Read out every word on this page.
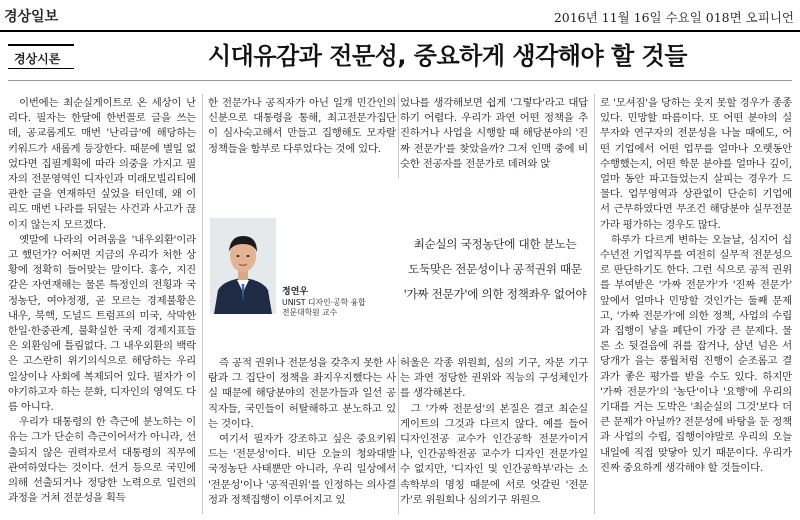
경상일보	2016년 11월 16일 수요일 018면 오피니언
경상시론	시대유감과 전문성, 중요하게 생각해야 할 것들

이번에는 최순실게이트로 온 세상이 난리다. 필자는 한달에 한번꼴로 글을 쓰는데, 공교롭게도 매번 '난리급'에 해당하는 키워드가 새롭게 등장한다. 때문에 별일 없었다면 집필계획에 따라 의중을 가지고 필자의 전문영역인 디자인과 미래모빌리티에 관한 글을 연재하던 싶었을 터인데, 왜 이리도 매번 나라를 뒤덮는 사건과 사고가 끊이지 않는지 모르겠다.

옛말에 나라의 어려움을 '내우외환'이라고 했던가? 어쩌면 지금의 우리가 처한 상황에 정확히 들어맞는 말이다. 홍수, 지진 같은 자연재해는 물론 특정인의 전횡과 국정농단, 여야정쟁, 곧 모르는 경제불황은 내우, 북핵, 도널드 트럼프의 미국, 삭막한 한일·한중관계, 불확실한 국제 경제지표들은 외환임에 틀림없다. 그 내우외환의 백락은 고스란히 위기의식으로 해당하는 우리일상이나 사회에 복제되어 있다. 필자가 이야기하고자 하는 문화, 디자인의 영역도 다름 아니다.

우리가 대통령의 한 측근에 분노하는 이유는 그가 단순히 측근이어서가 아니라, 선출되지 않은 권력자로서 대통령의 직무에 관여하였다는 것이다. 선거 등으로 국민에 의해 선출되거나 정당한 노력으로 일련의 과정을 거쳐 전문성을 획득

한 전문가나 공직자가 아닌 일개 민간인의 신분으로 대통령을 통해, 최고전문가집단이 심사숙고해서 만들고 집행해도 모자랄 정책들을 함부로 다루었다는 것에 있다.

었나를 생각해보면 쉽게 '그렇다'라고 대답하기 어렵다. 우리가 과연 어떤 정책을 추진하거나 사업을 시행할 때 해당분야의 '진짜 전문가'를 찾았을까? 그저 인맥 중에 비슷한 전공자를 전문가로 데려와 앉

정연우
UNIST 디자인·공학 융합
전문대학원 교수
최순실의 국정농단에 대한 분노는
도둑맞은 전문성이나 공적권위 때문
'가짜 전문가'에 의한 정책좌우 없어야

즉 공적 권위나 전문성을 갖추지 못한 사람과 그 집단이 정책을 좌지우지했다는 사실 때문에 해당분야의 전문가들과 일선 공직자들, 국민들이 허탈해하고 분노하고 있는 것이다.

여기서 필자가 강조하고 싶은 중요키워드는 '전문성'이다. 비단 오늘의 청와대발 국정농단 사태뿐만 아니라, 우리 일상에서 '전문성'이나 '공적권위'를 인정하는 의사결정과 정책집행이 이루어지고 있

허울은 각종 위원회, 심의 기구, 자문 기구는 과연 정당한 권위와 직능의 구성체인가를 생각해본다.

그 '가짜 전문성'의 본질은 결코 최순실게이트의 그것과 다르지 않다. 예를 들어 디자인전공 교수가 인간공학 전문가이거나, 인간공학전공 교수가 디자인 전문가일수 없지만, '디자인 및 인간공학부'라는 소속학부의 명칭 때문에 서로 엇갈린 '전문가'로 위원회나 심의기구 위원으

로 '모셔짐'을 당하는 웃지 못할 경우가 종종 있다. 민망할 따름이다. 또 어떤 분야의 실무자와 연구자의 전문성을 나눌 때에도, 어떤 기업에서 어떤 업무를 얼마나 오랫동안 수행했는지, 어떤 학문 분야를 얼마나 깊이, 얼마 동안 파고들었는지 살피는 경우가 드물다. 업무영역과 상관없이 단순히 기업에서 근무하였다면 무조건 해당분야 실무전문가라 평가하는 경우도 많다.

하루가 다르게 변하는 오늘날, 심지어 십수년전 기업직무를 여전히 실무적 전문성으로 판단하기도 한다. 그런 식으로 공적 권위를 부여받은 '가짜 전문가'가 '진짜 전문가' 앞에서 얼마나 민망할 것인가는 둘째 문제고, '가짜 전문가'에 의한 정책, 사업의 수립과 집행이 낳을 폐단이 가장 큰 문제다. 물론 소 뒷걸음에 쥐를 잡거나, 삼년 넘은 서당개가 을는 풍월처럼 진행이 순조롭고 결과가 좋은 평가를 받을 수도 있다. 하지만 '가짜 전문가'의 '농단'이나 '요행'에 우리의 기대를 거는 도박은 '최순실의 그것'보다 더 큰 문제가 아닐까? 전문성에 바탕을 둔 정책과 사업의 수립, 집행이야말로 우리의 오늘 내일에 직접 맞닿아 있기 때문이다. 우리가 진짜 중요하게 생각해야 할 것들이다.
